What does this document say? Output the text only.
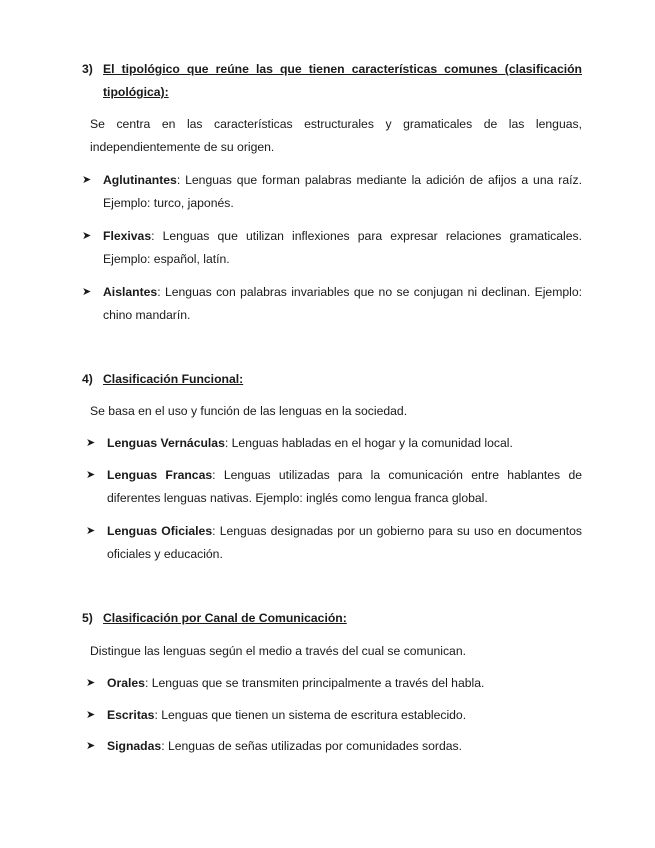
3) El tipológico que reúne las que tienen características comunes (clasificación tipológica):
Se centra en las características estructurales y gramaticales de las lenguas, independientemente de su origen.
➤ Aglutinantes: Lenguas que forman palabras mediante la adición de afijos a una raíz. Ejemplo: turco, japonés.
➤ Flexivas: Lenguas que utilizan inflexiones para expresar relaciones gramaticales. Ejemplo: español, latín.
➤ Aislantes: Lenguas con palabras invariables que no se conjugan ni declinan. Ejemplo: chino mandarín.
4) Clasificación Funcional:
Se basa en el uso y función de las lenguas en la sociedad.
➤ Lenguas Vernáculas: Lenguas habladas en el hogar y la comunidad local.
➤ Lenguas Francas: Lenguas utilizadas para la comunicación entre hablantes de diferentes lenguas nativas. Ejemplo: inglés como lengua franca global.
➤ Lenguas Oficiales: Lenguas designadas por un gobierno para su uso en documentos oficiales y educación.
5) Clasificación por Canal de Comunicación:
Distingue las lenguas según el medio a través del cual se comunican.
➤ Orales: Lenguas que se transmiten principalmente a través del habla.
➤ Escritas: Lenguas que tienen un sistema de escritura establecido.
➤ Signadas: Lenguas de señas utilizadas por comunidades sordas.
